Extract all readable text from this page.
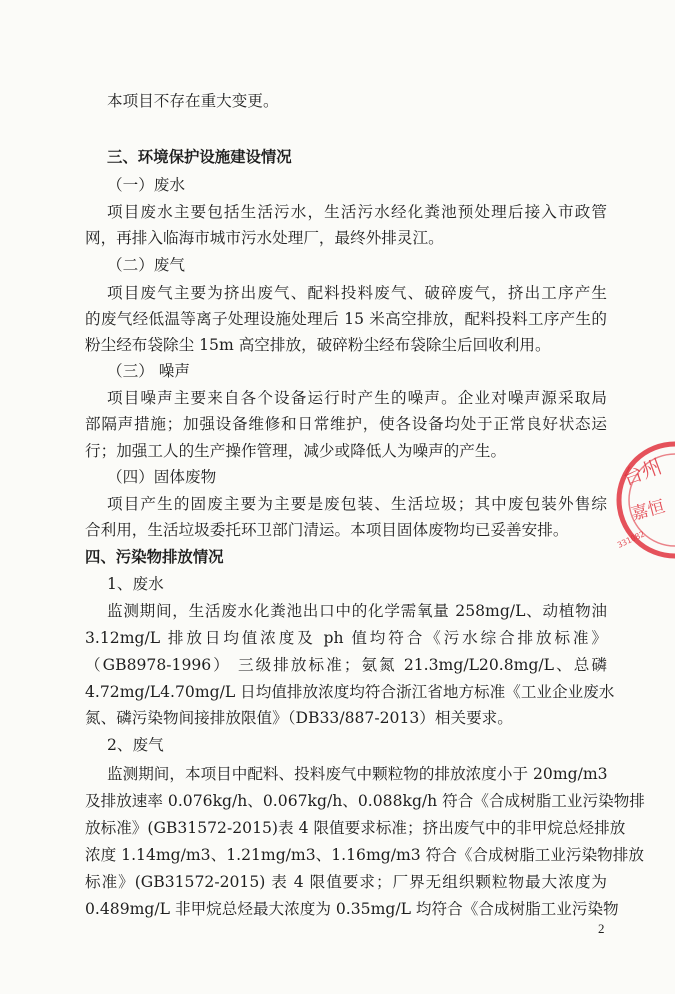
本项目不存在重大变更。
三、环境保护设施建设情况
（一）废水
项目废水主要包括生活污水，生活污水经化粪池预处理后接入市政管
网，再排入临海市城市污水处理厂，最终外排灵江。
（二）废气
项目废气主要为挤出废气、配料投料废气、破碎废气，挤出工序产生
的废气经低温等离子处理设施处理后 15 米高空排放，配料投料工序产生的
粉尘经布袋除尘 15m 高空排放，破碎粉尘经布袋除尘后回收利用。
（三） 噪声
项目噪声主要来自各个设备运行时产生的噪声。企业对噪声源采取局
部隔声措施；加强设备维修和日常维护，使各设备均处于正常良好状态运
行；加强工人的生产操作管理，减少或降低人为噪声的产生。
（四）固体废物
项目产生的固废主要为主要是废包装、生活垃圾；其中废包装外售综
合利用，生活垃圾委托环卫部门清运。本项目固体废物均已妥善安排。
四、污染物排放情况
1、废水
监测期间，生活废水化粪池出口中的化学需氧量 258mg/L、动植物油
3.12mg/L 排放日均值浓度及 ph 值均符合《污水综合排放标准》
（GB8978-1996） 三级排放标准；氨氮 21.3mg/L20.8mg/L、总磷
4.72mg/L4.70mg/L 日均值排放浓度均符合浙江省地方标准《工业企业废水
氮、磷污染物间接排放限值》（DB33/887-2013）相关要求。
2、废气
监测期间，本项目中配料、投料废气中颗粒物的排放浓度小于 20mg/m3
及排放速率 0.076kg/h、0.067kg/h、0.088kg/h 符合《合成树脂工业污染物排
放标准》(GB31572-2015)表 4 限值要求标准；挤出废气中的非甲烷总烃排放
浓度 1.14mg/m3、1.21mg/m3、1.16mg/m3 符合《合成树脂工业污染物排放
标准》(GB31572-2015) 表 4 限值要求；厂界无组织颗粒物最大浓度为
0.489mg/L 非甲烷总烃最大浓度为 0.35mg/L 均符合《合成树脂工业污染物
2
台州
嘉恒
331082
